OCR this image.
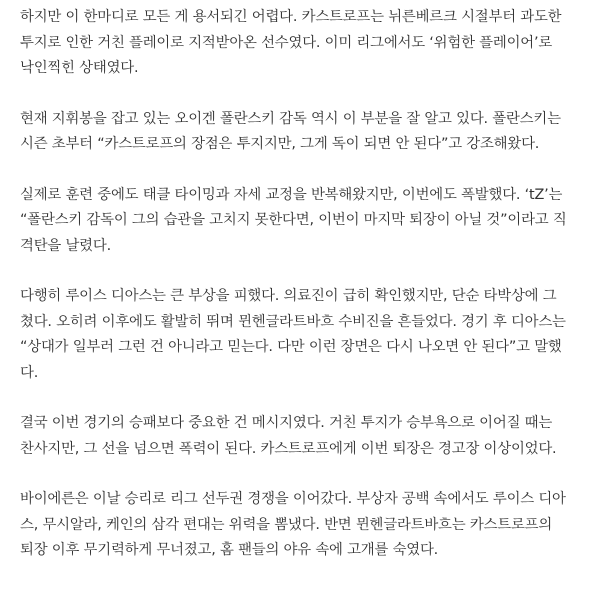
하지만 이 한마디로 모든 게 용서되긴 어렵다. 카스트로프는 뉘른베르크 시절부터 과도한
투지로 인한 거친 플레이로 지적받아온 선수였다. 이미 리그에서도 ‘위험한 플레이어’로
낙인찍힌 상태였다.

현재 지휘봉을 잡고 있는 오이겐 폴란스키 감독 역시 이 부분을 잘 알고 있다. 폴란스키는
시즌 초부터 “카스트로프의 장점은 투지지만, 그게 독이 되면 안 된다”고 강조해왔다.

실제로 훈련 중에도 태클 타이밍과 자세 교정을 반복해왔지만, 이번에도 폭발했다. ‘tZ’는
“폴란스키 감독이 그의 습관을 고치지 못한다면, 이번이 마지막 퇴장이 아닐 것”이라고 직
격탄을 날렸다.

다행히 루이스 디아스는 큰 부상을 피했다. 의료진이 급히 확인했지만, 단순 타박상에 그
쳤다. 오히려 이후에도 활발히 뛰며 뮌헨글라트바흐 수비진을 흔들었다. 경기 후 디아스는
“상대가 일부러 그런 건 아니라고 믿는다. 다만 이런 장면은 다시 나오면 안 된다”고 말했
다.

결국 이번 경기의 승패보다 중요한 건 메시지였다. 거친 투지가 승부욕으로 이어질 때는
찬사지만, 그 선을 넘으면 폭력이 된다. 카스트로프에게 이번 퇴장은 경고장 이상이었다.

바이에른은 이날 승리로 리그 선두권 경쟁을 이어갔다. 부상자 공백 속에서도 루이스 디아
스, 무시알라, 케인의 삼각 편대는 위력을 뽐냈다. 반면 뮌헨글라트바흐는 카스트로프의
퇴장 이후 무기력하게 무너졌고, 홈 팬들의 야유 속에 고개를 숙였다.
